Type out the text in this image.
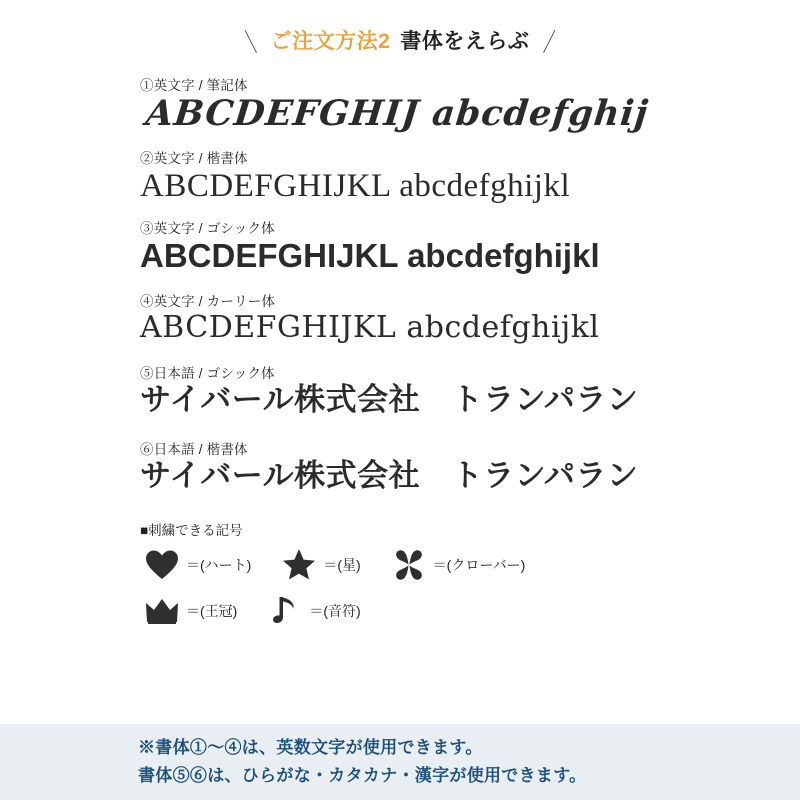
＼ ご注文方法2 書体をえらぶ ／
①英文字 / 筆記体
ABCDEFGHIJ abcdefghij
②英文字 / 楷書体
ABCDEFGHIJKL abcdefghijkl
③英文字 / ゴシック体
ABCDEFGHIJKL abcdefghijkl
④英文字 / カーリー体
ABCDEFGHIJKL abcdefghijkl
⑤日本語 / ゴシック体
サイバール株式会社　トランパラン
⑥日本語 / 楷書体
サイバール株式会社　トランパラン
■刺繍できる記号
＝(ハート)	＝(星)	＝(クローバー)
＝(王冠)	＝(音符)
※書体①〜④は、英数文字が使用できます。
書体⑤⑥は、ひらがな・カタカナ・漢字が使用できます。
